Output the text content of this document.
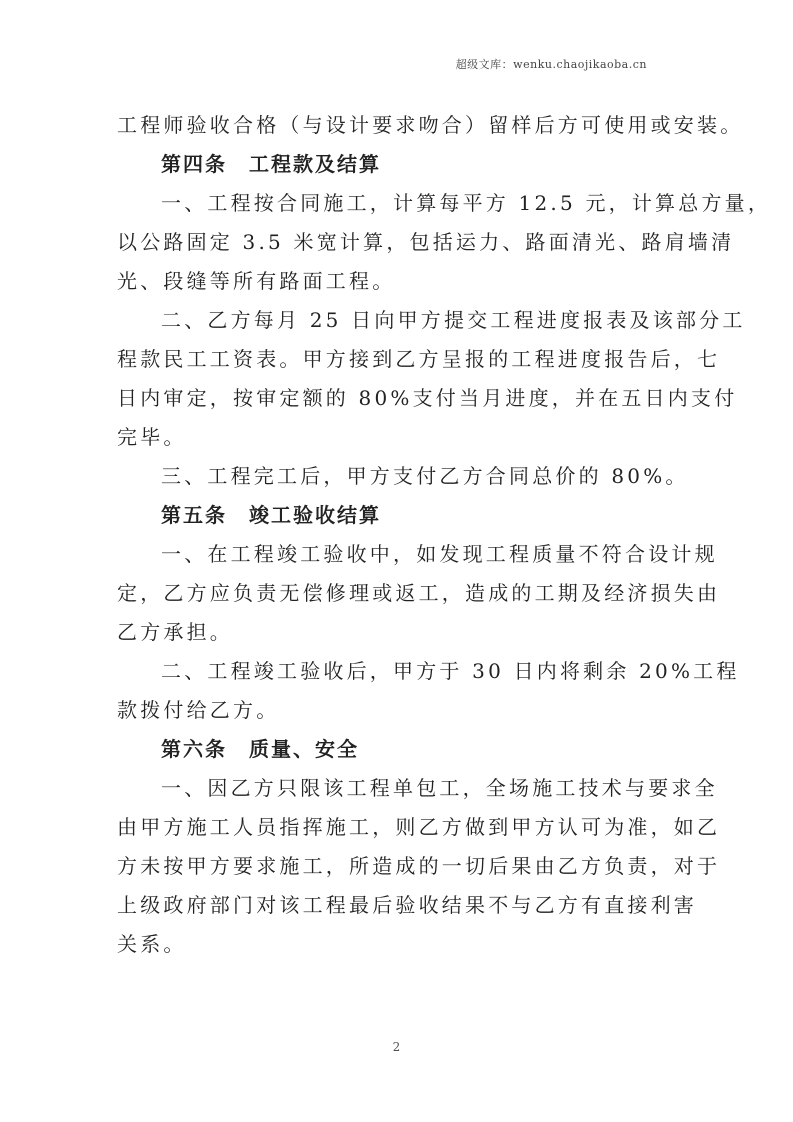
超级文库：wenku.chaojikaoba.cn
工程师验收合格（与设计要求吻合）留样后方可使用或安装。
第四条　工程款及结算
一、工程按合同施工，计算每平方 12.5 元，计算总方量，
以公路固定 3.5 米宽计算，包括运力、路面清光、路肩墙清
光、段缝等所有路面工程。
二、乙方每月 25 日向甲方提交工程进度报表及该部分工
程款民工工资表。甲方接到乙方呈报的工程进度报告后，七
日内审定，按审定额的 80%支付当月进度，并在五日内支付
完毕。
三、工程完工后，甲方支付乙方合同总价的 80%。
第五条　竣工验收结算
一、在工程竣工验收中，如发现工程质量不符合设计规
定，乙方应负责无偿修理或返工，造成的工期及经济损失由
乙方承担。
二、工程竣工验收后，甲方于 30 日内将剩余 20%工程
款拨付给乙方。
第六条　质量、安全
一、因乙方只限该工程单包工，全场施工技术与要求全
由甲方施工人员指挥施工，则乙方做到甲方认可为准，如乙
方未按甲方要求施工，所造成的一切后果由乙方负责，对于
上级政府部门对该工程最后验收结果不与乙方有直接利害
关系。
2
